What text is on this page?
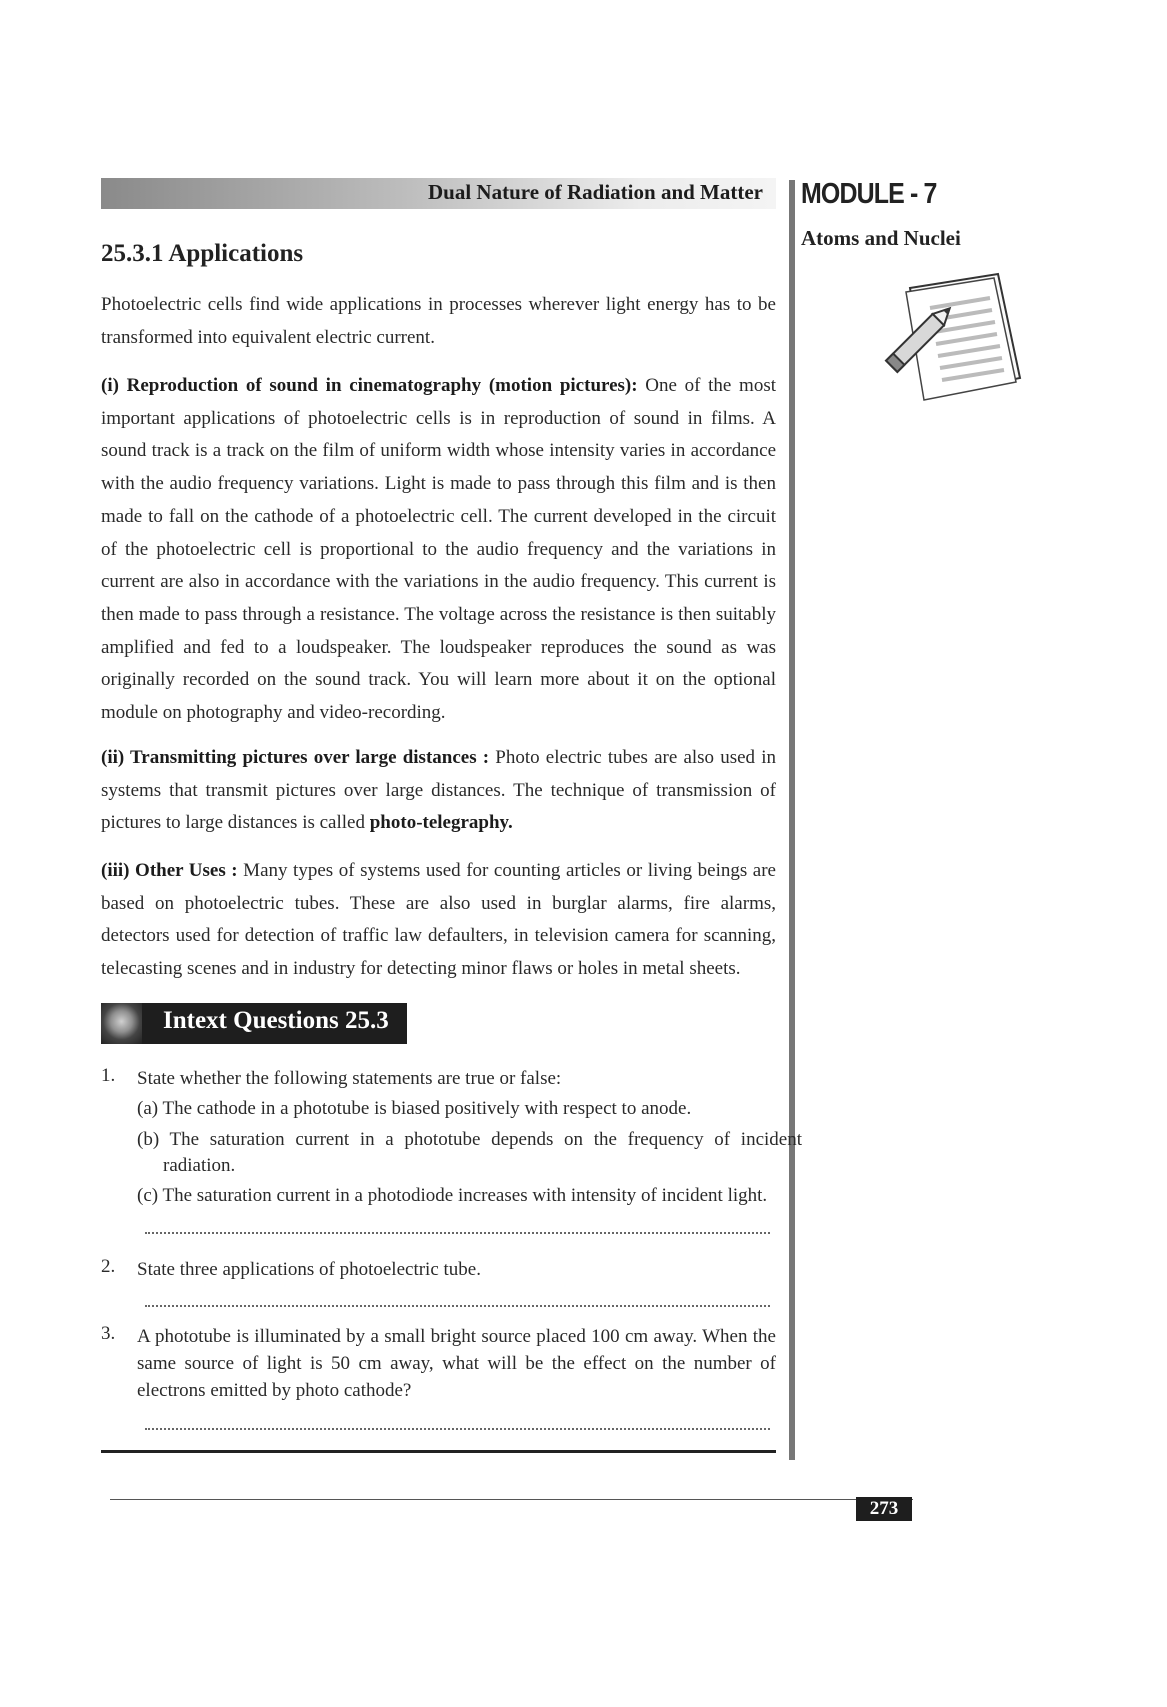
Dual Nature of Radiation and Matter MODULE - 7
Atoms and Nuclei
25.3.1 Applications

Photoelectric cells find wide applications in processes wherever light energy has to be transformed into equivalent electric current.

(i) Reproduction of sound in cinematography (motion pictures): One of the most important applications of photoelectric cells is in reproduction of sound in films. A sound track is a track on the film of uniform width whose intensity varies in accordance with the audio frequency variations. Light is made to pass through this film and is then made to fall on the cathode of a photoelectric cell. The current developed in the circuit of the photoelectric cell is proportional to the audio frequency and the variations in current are also in accordance with the variations in the audio frequency. This current is then made to pass through a resistance. The voltage across the resistance is then suitably amplified and fed to a loudspeaker. The loudspeaker reproduces the sound as was originally recorded on the sound track. You will learn more about it on the optional module on photography and video-recording.

(ii) Transmitting pictures over large distances : Photo electric tubes are also used in systems that transmit pictures over large distances. The technique of transmission of pictures to large distances is called photo-telegraphy.

(iii) Other Uses : Many types of systems used for counting articles or living beings are based on photoelectric tubes. These are also used in burglar alarms, fire alarms, detectors used for detection of traffic law defaulters, in television camera for scanning, telecasting scenes and in industry for detecting minor flaws or holes in metal sheets.

Intext Questions 25.3
1. State whether the following statements are true or false:

(a) The cathode in a phototube is biased positively with respect to anode.

(b) The saturation current in a phototube depends on the frequency of incident radiation.

(c) The saturation current in a photodiode increases with intensity of incident light.

2. State three applications of photoelectric tube.

3. A phototube is illuminated by a small bright source placed 100 cm away. When the same source of light is 50 cm away, what will be the effect on the number of electrons emitted by photo cathode?

273
